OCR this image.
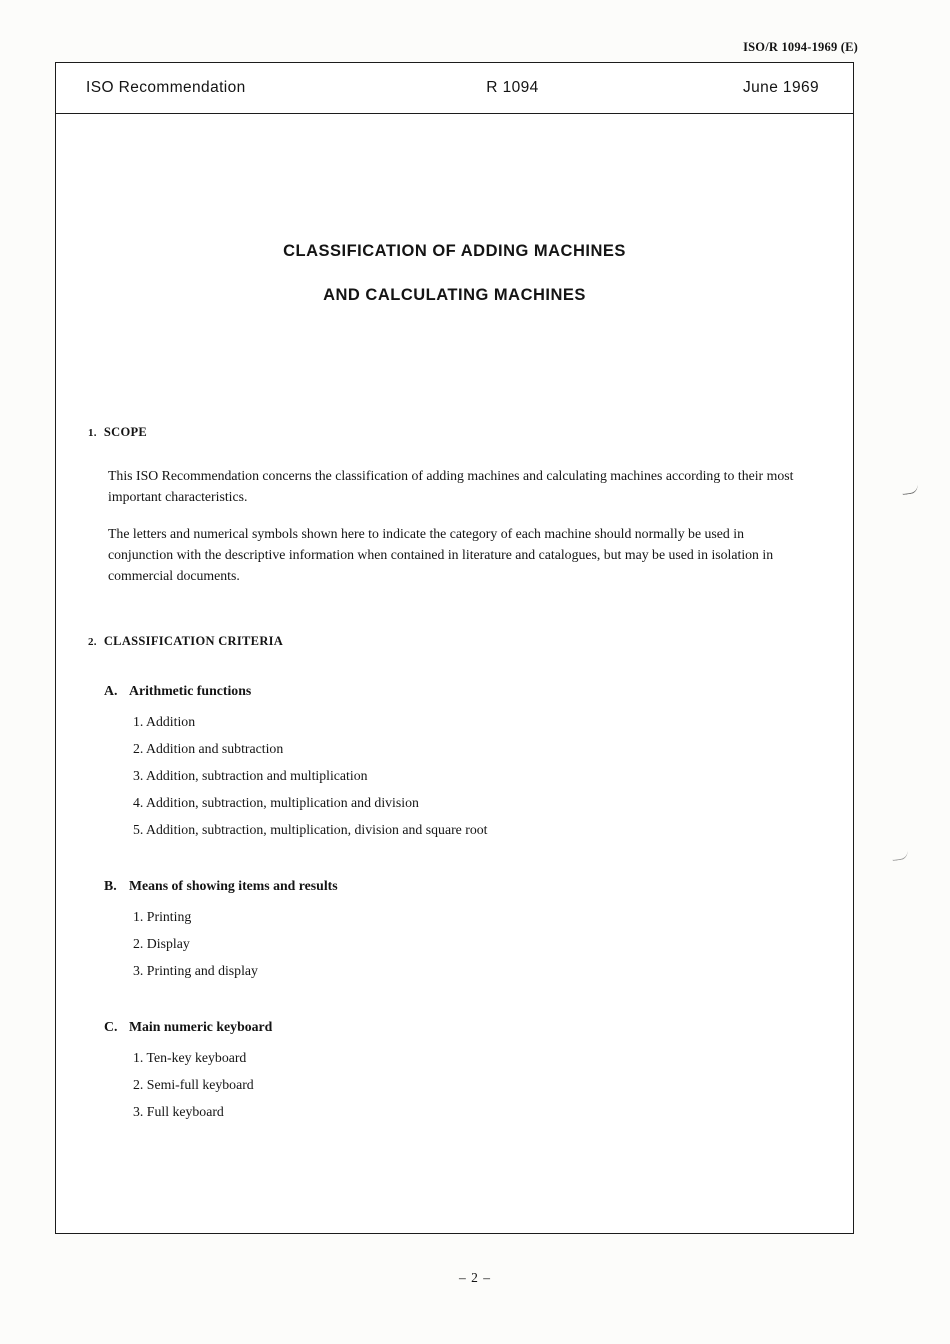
ISO/R 1094-1969 (E)
ISO Recommendation	R 1094	June 1969
CLASSIFICATION OF ADDING MACHINES
AND CALCULATING MACHINES
1. SCOPE

This ISO Recommendation concerns the classification of adding machines and calculating machines according to their most important characteristics.

The letters and numerical symbols shown here to indicate the category of each machine should normally be used in conjunction with the descriptive information when contained in literature and catalogues, but may be used in isolation in commercial documents.

2. CLASSIFICATION CRITERIA
A. Arithmetic functions
1. Addition
2. Addition and subtraction
3. Addition, subtraction and multiplication
4. Addition, subtraction, multiplication and division
5. Addition, subtraction, multiplication, division and square root
B. Means of showing items and results
1. Printing
2. Display
3. Printing and display
C. Main numeric keyboard
1. Ten-key keyboard
2. Semi-full keyboard
3. Full keyboard
– 2 –
